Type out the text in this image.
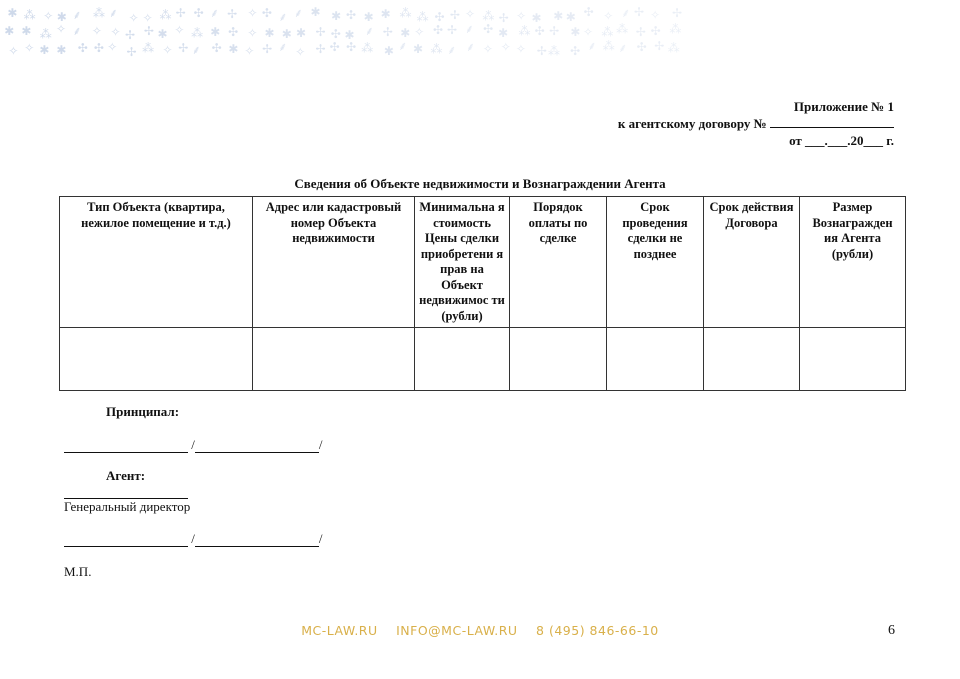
✱ ⁂ ✧ ✱ ⸙ ⁂ ⸙ ✧ ✧ ⁂ ✢ ✣ ⸙ ✢ ✧ ✣ ⸙ ⸙ ✱ ✱ ✣ ✱ ✱ ⁂ ⁂ ✣ ✢ ✧ ⁂ ✢ ✧ ✱ ✱ ✱ ✣ ✧ ⸙ ✢ ✧ ✢
✱ ✱ ⁂ ✧ ⸙ ✧ ✧ ✢ ✢ ✱ ✧ ⁂ ✱ ✣ ✧ ✱ ✱ ✱ ✢ ✣ ✱ ⸙ ✢ ✱ ✧ ✣ ✢ ⸙ ✣ ✱ ⁂ ✣ ✢ ✱ ✧ ⁂ ⁂ ✢ ✣ ⁂
✧ ✧ ✱ ✱ ✣ ✣ ✧ ✢ ⁂ ✧ ✢ ⸙ ✣ ✱ ✧ ✢ ⸙ ✧ ✢ ✣ ✣ ⁂ ✱ ⸙ ✱ ⁂ ⸙ ⸙ ✧ ✧ ✧ ✢ ⁂ ✣ ⸙ ⁂ ⸙ ✣ ✢ ⁂
Приложение № 1
к агентскому договору №
от ___.___.20___ г.
Сведения об Объекте недвижимости и Вознаграждении Агента
Тип Объекта (квартира, нежилое помещение и т.д.)	Адрес или кадастровый номер Объекта недвижимости	Минимальна я стоимость Цены сделки приобретени я прав на Объект недвижимос ти (рубли)	Порядок оплаты по сделке	Срок проведения сделки не позднее	Срок действия Договора	Размер Вознагражден ия Агента (рубли)

Принципал:
/	/
Агент:
Генеральный директор
/	/
М.П.
MC-LAW.RU INFO@MC-LAW.RU 8 (495) 846-66-10	6
